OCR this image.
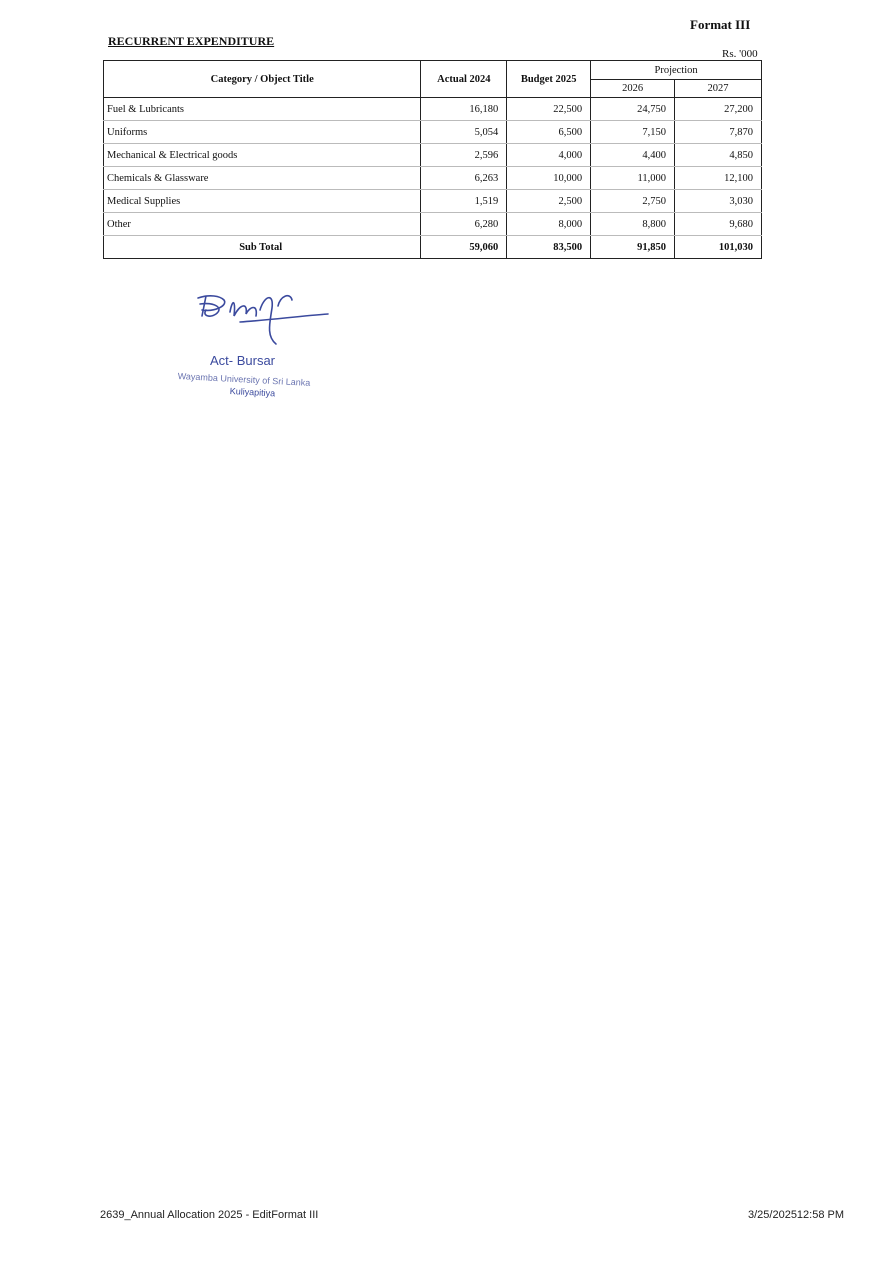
Format III
RECURRENT EXPENDITURE
Rs. '000
Category / Object Title	Actual 2024	Budget 2025	Projection	
			2026	2027
Fuel & Lubricants	16,180	22,500	24,750	27,200
Uniforms	5,054	6,500	7,150	7,870
Mechanical & Electrical goods	2,596	4,000	4,400	4,850
Chemicals & Glassware	6,263	10,000	11,000	12,100
Medical Supplies	1,519	2,500	2,750	3,030
Other	6,280	8,000	8,800	9,680
Sub Total	59,060	83,500	91,850	101,030
Act- Bursar
Wayamba University of Sri Lanka
Kuliyapitiya
2639_Annual Allocation 2025 - EditFormat III	3/25/202512:58 PM
